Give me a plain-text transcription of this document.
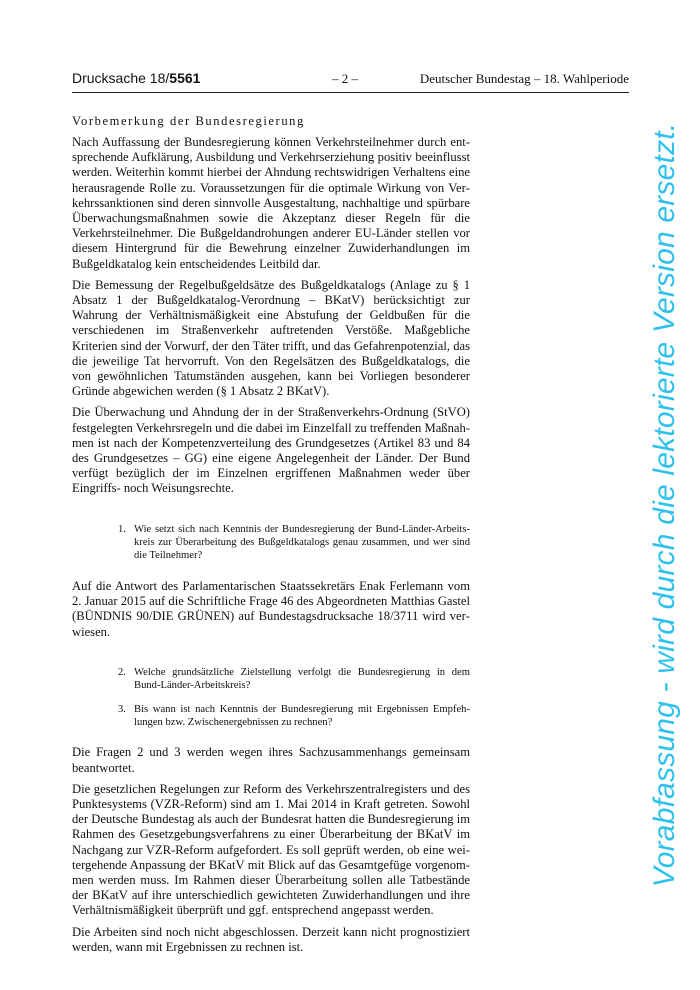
Drucksache 18/5561	– 2 –	Deutscher Bundestag – 18. Wahlperiode
Vorbemerkung der Bundesregierung

Nach Auffassung der Bundesregierung können Verkehrsteilnehmer durch entsprechende Aufklärung, Ausbildung und Verkehrserziehung positiv beeinflusst werden. Weiterhin kommt hierbei der Ahndung rechtswidrigen Verhaltens eine herausragende Rolle zu. Voraussetzungen für die optimale Wirkung von Verkehrssanktionen sind deren sinnvolle Ausgestaltung, nachhaltige und spürbare Überwachungsmaßnahmen sowie die Akzeptanz dieser Regeln für die Verkehrsteilnehmer. Die Bußgeldandrohungen anderer EU-Länder stellen vor diesem Hintergrund für die Bewehrung einzelner Zuwiderhandlungen im Bußgeldkatalog kein entscheidendes Leitbild dar.

Die Bemessung der Regelbußgeldsätze des Bußgeldkatalogs (Anlage zu § 1 Absatz 1 der Bußgeldkatalog-Verordnung – BKatV) berücksichtigt zur Wahrung der Verhältnismäßigkeit eine Abstufung der Geldbußen für die verschiedenen im Straßenverkehr auftretenden Verstöße. Maßgebliche Kriterien sind der Vorwurf, der den Täter trifft, und das Gefahrenpotenzial, das die jeweilige Tat hervorruft. Von den Regelsätzen des Bußgeldkatalogs, die von gewöhnlichen Tatumständen ausgehen, kann bei Vorliegen besonderer Gründe abgewichen werden (§ 1 Absatz 2 BKatV).

Die Überwachung und Ahndung der in der Straßenverkehrs-Ordnung (StVO) festgelegten Verkehrsregeln und die dabei im Einzelfall zu treffenden Maßnahmen ist nach der Kompetenzverteilung des Grundgesetzes (Artikel 83 und 84 des Grundgesetzes – GG) eine eigene Angelegenheit der Länder. Der Bund verfügt bezüglich der im Einzelnen ergriffenen Maßnahmen weder über Eingriffs- noch Weisungsrechte.

1. Wie setzt sich nach Kenntnis der Bundesregierung der Bund-Länder-Arbeitskreis zur Überarbeitung des Bußgeldkatalogs genau zusammen, und wer sind die Teilnehmer?

Auf die Antwort des Parlamentarischen Staatssekretärs Enak Ferlemann vom 2. Januar 2015 auf die Schriftliche Frage 46 des Abgeordneten Matthias Gastel (BÜNDNIS 90/DIE GRÜNEN) auf Bundestagsdrucksache 18/3711 wird verwiesen.

2. Welche grundsätzliche Zielstellung verfolgt die Bundesregierung in dem Bund-Länder-Arbeitskreis?
3. Bis wann ist nach Kenntnis der Bundesregierung mit Ergebnissen Empfehlungen bzw. Zwischenergebnissen zu rechnen?

Die Fragen 2 und 3 werden wegen ihres Sachzusammenhangs gemeinsam beantwortet.

Die gesetzlichen Regelungen zur Reform des Verkehrszentralregisters und des Punktesystems (VZR-Reform) sind am 1. Mai 2014 in Kraft getreten. Sowohl der Deutsche Bundestag als auch der Bundesrat hatten die Bundesregierung im Rahmen des Gesetzgebungsverfahrens zu einer Überarbeitung der BKatV im Nachgang zur VZR-Reform aufgefordert. Es soll geprüft werden, ob eine weitergehende Anpassung der BKatV mit Blick auf das Gesamtgefüge vorgenommen werden muss. Im Rahmen dieser Überarbeitung sollen alle Tatbestände der BKatV auf ihre unterschiedlich gewichteten Zuwiderhandlungen und ihre Verhältnismäßigkeit überprüft und ggf. entsprechend angepasst werden.

Die Arbeiten sind noch nicht abgeschlossen. Derzeit kann nicht prognostiziert werden, wann mit Ergebnissen zu rechnen ist.

Vorabfassung - wird durch die lektorierte Version ersetzt.
